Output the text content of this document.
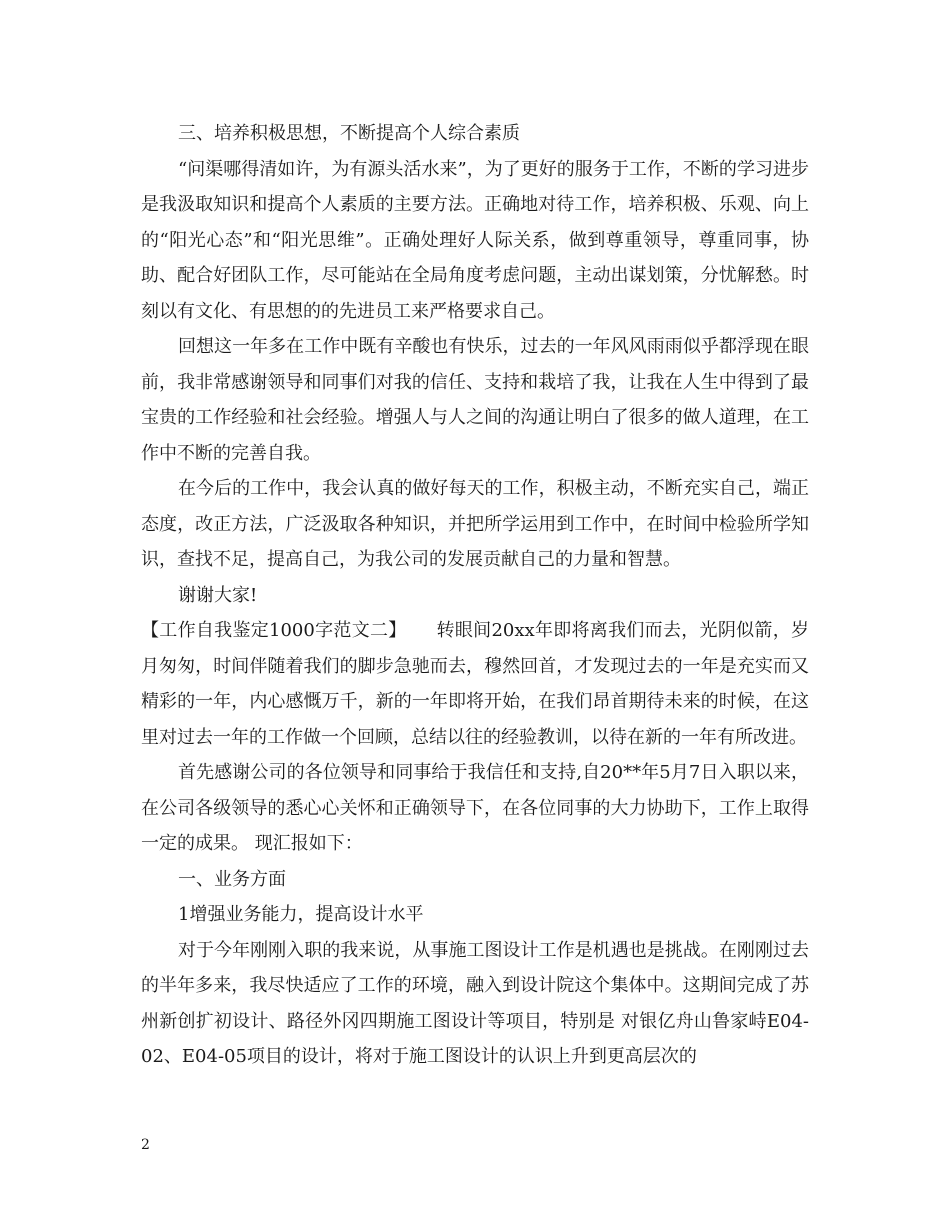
三、培养积极思想，不断提高个人综合素质

“问渠哪得清如许，为有源头活水来”，为了更好的服务于工作，不断的学习进步是我汲取知识和提高个人素质的主要方法。正确地对待工作，培养积极、乐观、向上的“阳光心态”和“阳光思维”。正确处理好人际关系，做到尊重领导，尊重同事，协助、配合好团队工作，尽可能站在全局角度考虑问题，主动出谋划策，分忧解愁。时刻以有文化、有思想的的先进员工来严格要求自己。

回想这一年多在工作中既有辛酸也有快乐，过去的一年风风雨雨似乎都浮现在眼前，我非常感谢领导和同事们对我的信任、支持和栽培了我，让我在人生中得到了最宝贵的工作经验和社会经验。增强人与人之间的沟通让明白了很多的做人道理，在工作中不断的完善自我。

在今后的工作中，我会认真的做好每天的工作，积极主动，不断充实自己，端正态度，改正方法，广泛汲取各种知识，并把所学运用到工作中，在时间中检验所学知识，查找不足，提高自己，为我公司的发展贡献自己的力量和智慧。

谢谢大家!

【工作自我鉴定1000字范文二】 转眼间20xx年即将离我们而去，光阴似箭，岁月匆匆，时间伴随着我们的脚步急驰而去，穆然回首，才发现过去的一年是充实而又精彩的一年，内心感慨万千，新的一年即将开始，在我们昂首期待未来的时候，在这里对过去一年的工作做一个回顾，总结以往的经验教训，以待在新的一年有所改进。

首先感谢公司的各位领导和同事给于我信任和支持,自20**年5月7日入职以来，在公司各级领导的悉心心关怀和正确领导下，在各位同事的大力协助下，工作上取得一定的成果。 现汇报如下：

一、业务方面

1增强业务能力，提高设计水平

对于今年刚刚入职的我来说，从事施工图设计工作是机遇也是挑战。在刚刚过去的半年多来，我尽快适应了工作的环境，融入到设计院这个集体中。这期间完成了苏州新创扩初设计、路径外冈四期施工图设计等项目，特别是 对银亿舟山鲁家峙E04-02、E04-05项目的设计，将对于施工图设计的认识上升到更高层次的

2
